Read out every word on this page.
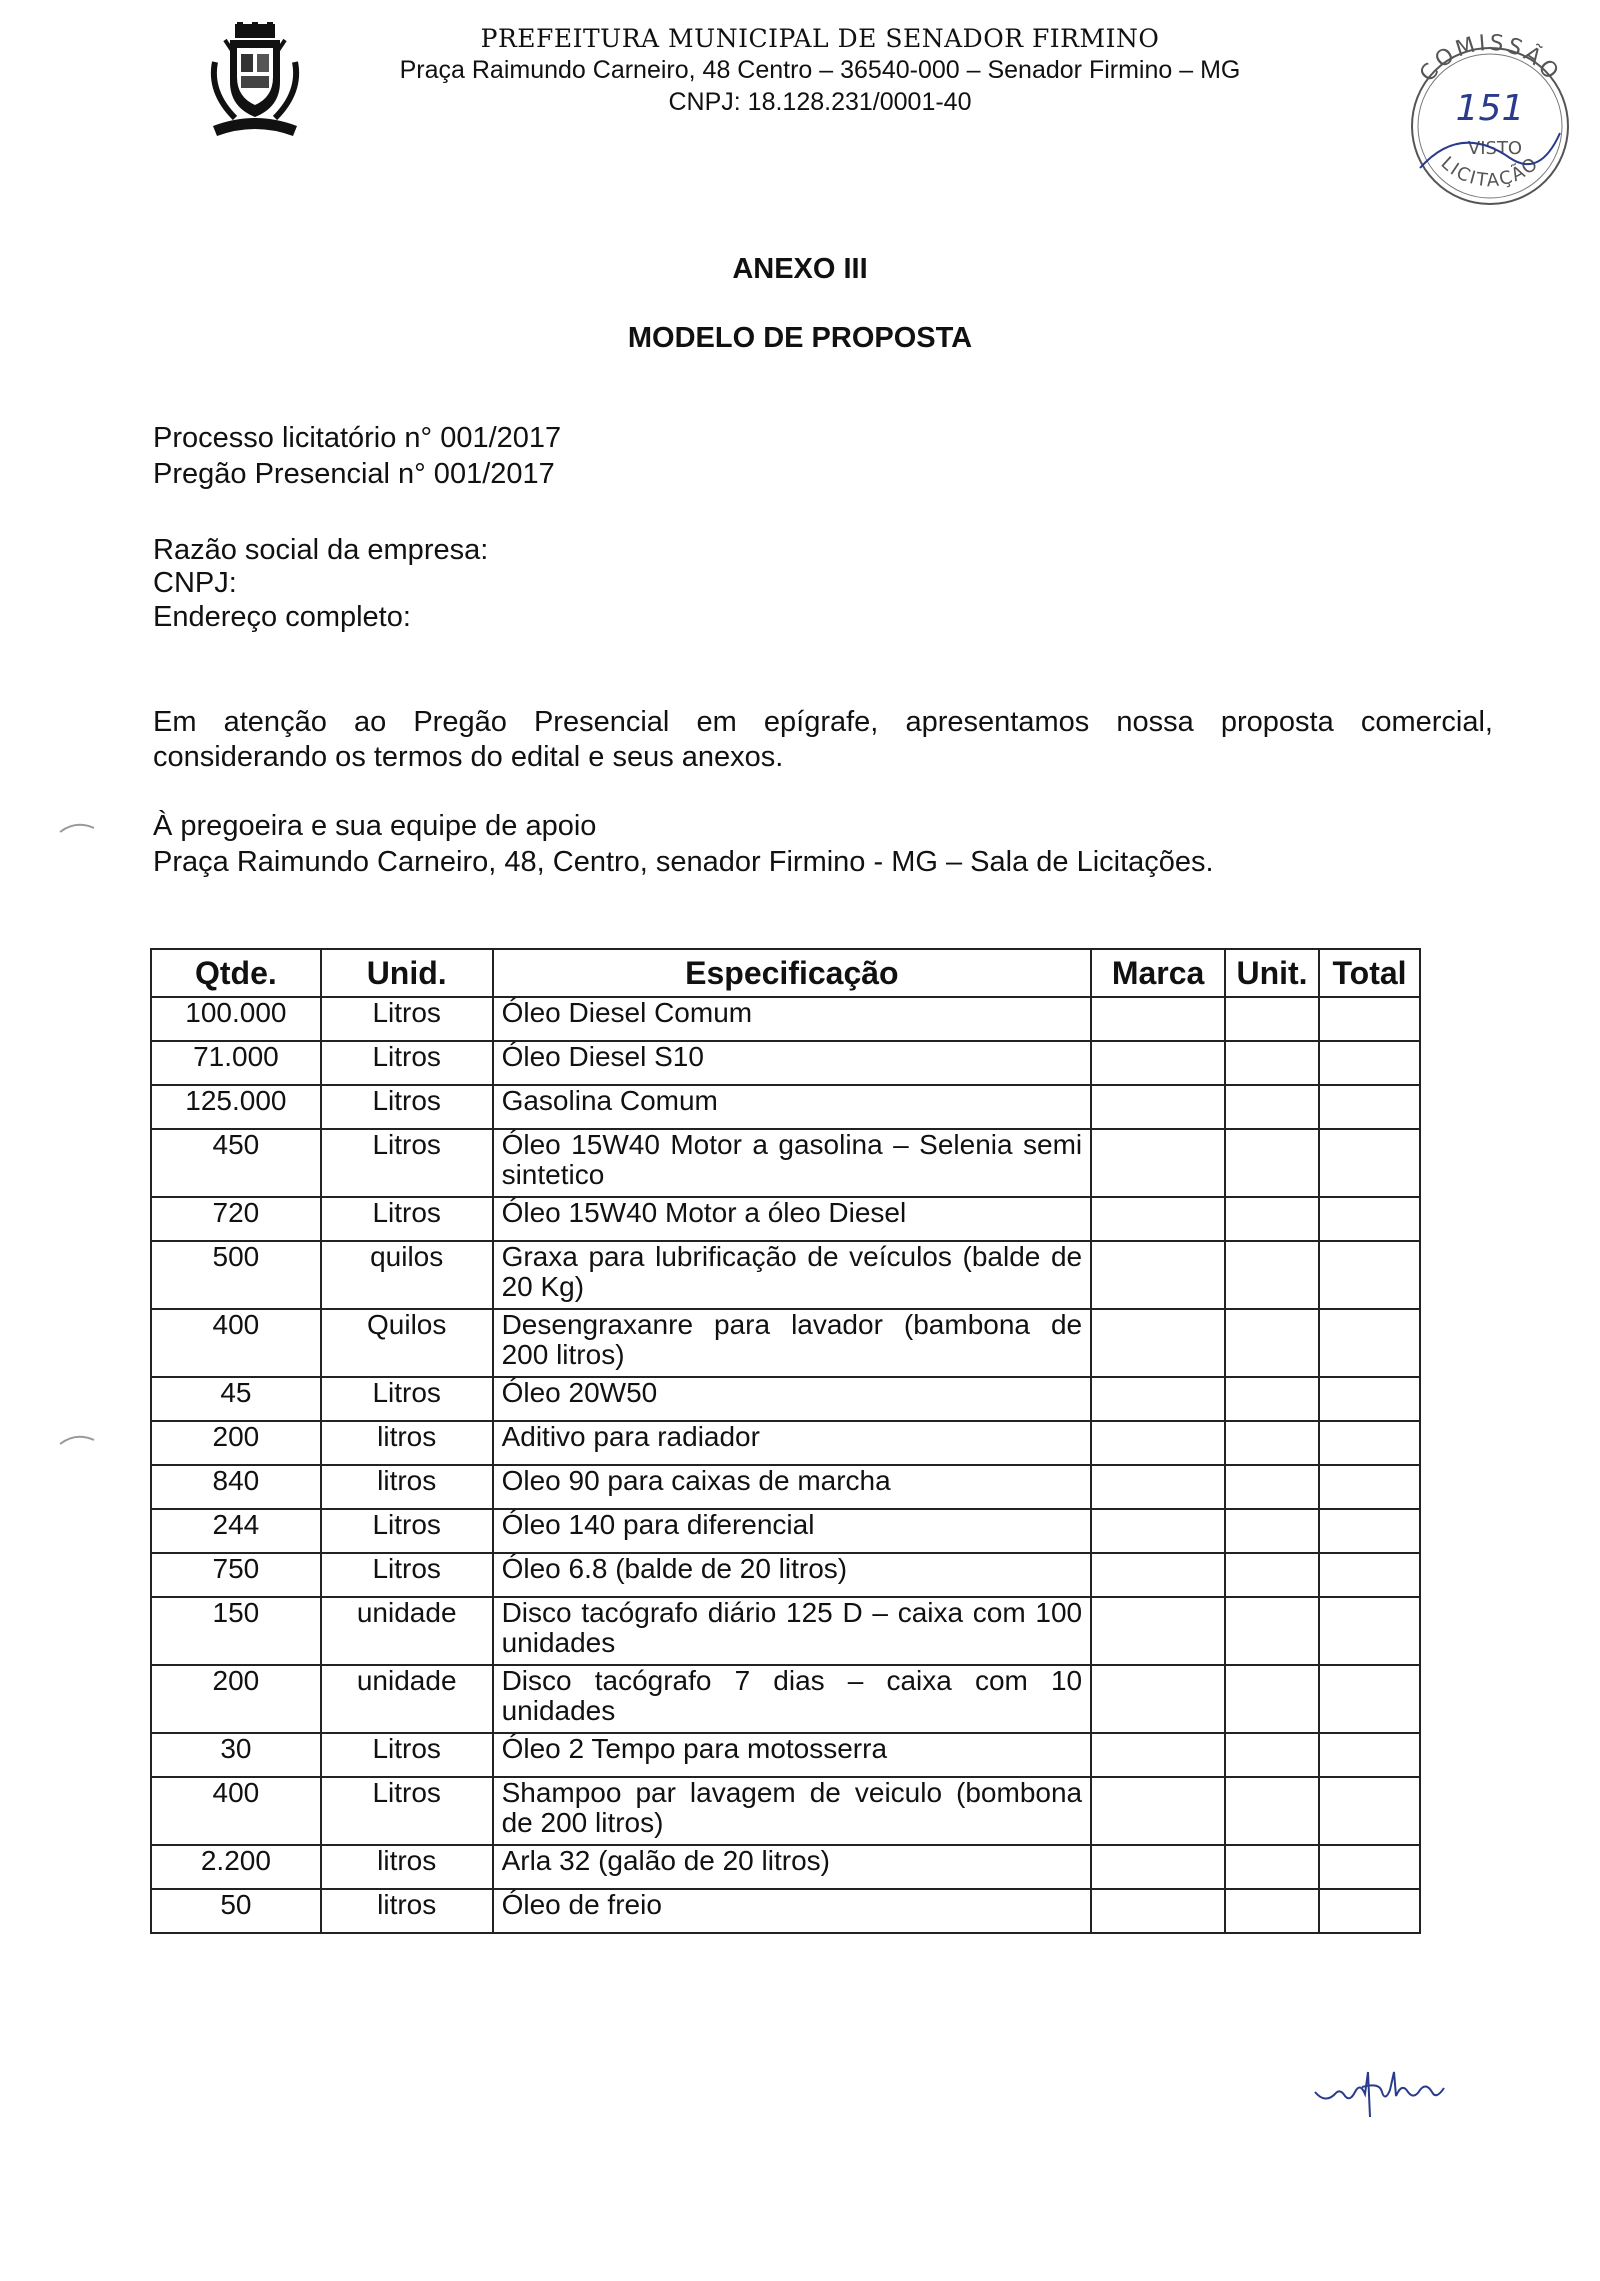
PREFEITURA MUNICIPAL DE SENADOR FIRMINO
Praça Raimundo Carneiro, 48 Centro – 36540-000 – Senador Firmino – MG
CNPJ: 18.128.231/0001-40
COMISSÃO
LICITAÇÃO
151
VISTO
ANEXO III
MODELO DE PROPOSTA
Processo licitatório n° 001/2017
Pregão Presencial n° 001/2017
Razão social da empresa:
CNPJ:
Endereço completo:
Em atenção ao Pregão Presencial em epígrafe, apresentamos nossa proposta comercial,
considerando os termos do edital e seus anexos.
À pregoeira e sua equipe de apoio
Praça Raimundo Carneiro, 48, Centro, senador Firmino - MG – Sala de Licitações.
Qtde.	Unid.	Especificação	Marca	Unit.	Total
100.000	Litros	Óleo Diesel Comum			
71.000	Litros	Óleo Diesel S10			
125.000	Litros	Gasolina Comum			
450	Litros	Óleo 15W40 Motor a gasolina – Selenia semi sintetico			
720	Litros	Óleo 15W40 Motor a óleo Diesel			
500	quilos	Graxa para lubrificação de veículos (balde de 20 Kg)			
400	Quilos	Desengraxanre para lavador (bambona de 200 litros)			
45	Litros	Óleo 20W50			
200	litros	Aditivo para radiador			
840	litros	Oleo 90 para caixas de marcha			
244	Litros	Óleo 140 para diferencial			
750	Litros	Óleo 6.8 (balde de 20 litros)			
150	unidade	Disco tacógrafo diário 125 D – caixa com 100 unidades			
200	unidade	Disco tacógrafo 7 dias – caixa com 10 unidades			
30	Litros	Óleo 2 Tempo para motosserra			
400	Litros	Shampoo par lavagem de veiculo (bombona de 200 litros)			
2.200	litros	Arla 32 (galão de 20 litros)			
50	litros	Óleo de freio			
